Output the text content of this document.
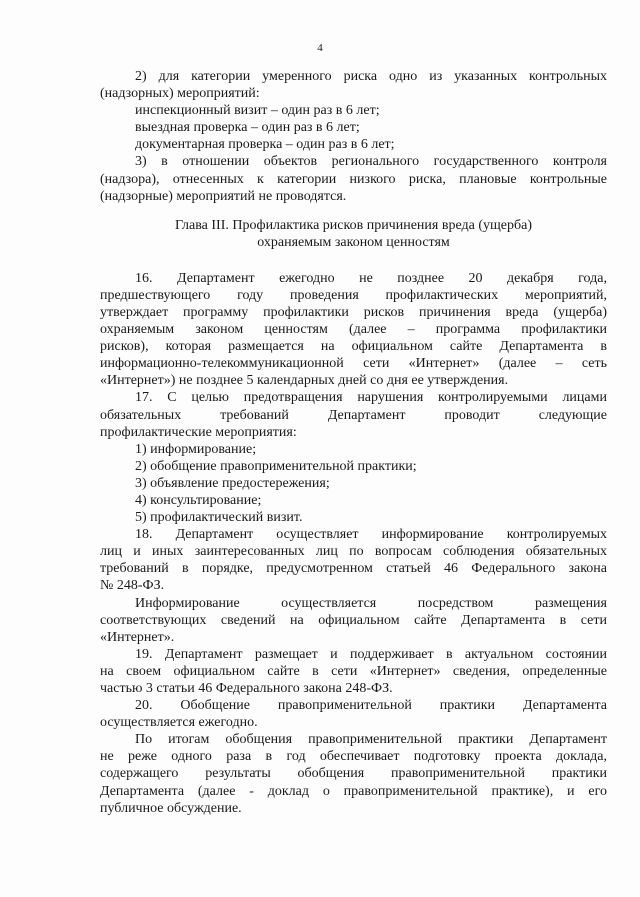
4

2) для категории умеренного риска одно из указанных контрольных

(надзорных) мероприятий:

инспекционный визит – один раз в 6 лет;

выездная проверка – один раз в 6 лет;

документарная проверка – один раз в 6 лет;

3) в отношении объектов регионального государственного контроля

(надзора), отнесенных к категории низкого риска, плановые контрольные

(надзорные) мероприятий не проводятся.

Глава III. Профилактика рисков причинения вреда (ущерба)

охраняемым законом ценностям

16. Департамент ежегодно не позднее 20 декабря года,

предшествующего году проведения профилактических мероприятий,

утверждает программу профилактики рисков причинения вреда (ущерба)

охраняемым законом ценностям (далее – программа профилактики

рисков), которая размещается на официальном сайте Департамента в

информационно-телекоммуникационной сети «Интернет» (далее – сеть

«Интернет») не позднее 5 календарных дней со дня ее утверждения.

17. С целью предотвращения нарушения контролируемыми лицами

обязательных требований Департамент проводит следующие

профилактические мероприятия:

1) информирование;

2) обобщение правоприменительной практики;

3) объявление предостережения;

4) консультирование;

5) профилактический визит.

18. Департамент осуществляет информирование контролируемых

лиц и иных заинтересованных лиц по вопросам соблюдения обязательных

требований в порядке, предусмотренном статьей 46 Федерального закона

№ 248-ФЗ.

Информирование осуществляется посредством размещения

соответствующих сведений на официальном сайте Департамента в сети

«Интернет».

19. Департамент размещает и поддерживает в актуальном состоянии

на своем официальном сайте в сети «Интернет» сведения, определенные

частью 3 статьи 46 Федерального закона 248-ФЗ.

20. Обобщение правоприменительной практики Департамента

осуществляется ежегодно.

По итогам обобщения правоприменительной практики Департамент

не реже одного раза в год обеспечивает подготовку проекта доклада,

содержащего результаты обобщения правоприменительной практики

Департамента (далее - доклад о правоприменительной практике), и его

публичное обсуждение.
